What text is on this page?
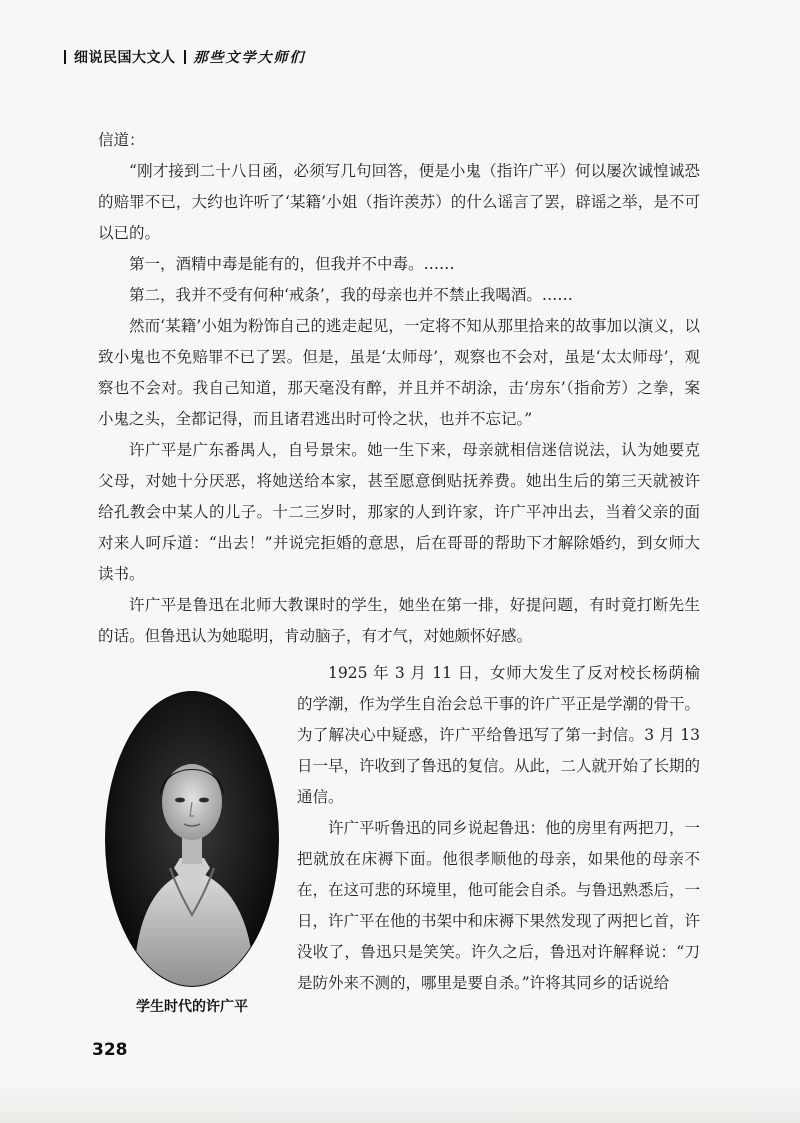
细说民国大文人 那些文学大师们

信道：

“刚才接到二十八日函，必须写几句回答，便是小鬼（指许广平）何以屡次诚惶诚恐的赔罪不已，大约也许听了‘某籍’小姐（指许羡苏）的什么谣言了罢，辟谣之举，是不可以已的。

第一，酒精中毒是能有的，但我并不中毒。……

第二，我并不受有何种‘戒条’，我的母亲也并不禁止我喝酒。……

然而‘某籍’小姐为粉饰自己的逃走起见，一定将不知从那里拾来的故事加以演义，以致小鬼也不免赔罪不已了罢。但是，虽是‘太师母’，观察也不会对，虽是‘太太师母’，观察也不会对。我自己知道，那天毫没有醉，并且并不胡涂，击‘房东’（指俞芳）之拳，案小鬼之头，全都记得，而且诸君逃出时可怜之状，也并不忘记。”

许广平是广东番禺人，自号景宋。她一生下来，母亲就相信迷信说法，认为她要克父母，对她十分厌恶，将她送给本家，甚至愿意倒贴抚养费。她出生后的第三天就被许给孔教会中某人的儿子。十二三岁时，那家的人到许家，许广平冲出去，当着父亲的面对来人呵斥道：“出去！”并说完拒婚的意思，后在哥哥的帮助下才解除婚约，到女师大读书。

许广平是鲁迅在北师大教课时的学生，她坐在第一排，好提问题，有时竟打断先生的话。但鲁迅认为她聪明，肯动脑子，有才气，对她颇怀好感。

学生时代的许广平

1925 年 3 月 11 日，女师大发生了反对校长杨荫榆的学潮，作为学生自治会总干事的许广平正是学潮的骨干。为了解决心中疑惑，许广平给鲁迅写了第一封信。3 月 13 日一早，许收到了鲁迅的复信。从此，二人就开始了长期的通信。

许广平听鲁迅的同乡说起鲁迅：他的房里有两把刀，一把就放在床褥下面。他很孝顺他的母亲，如果他的母亲不在，在这可悲的环境里，他可能会自杀。与鲁迅熟悉后，一日，许广平在他的书架中和床褥下果然发现了两把匕首，许没收了，鲁迅只是笑笑。许久之后，鲁迅对许解释说：“刀是防外来不测的，哪里是要自杀。”许将其同乡的话说给

328
